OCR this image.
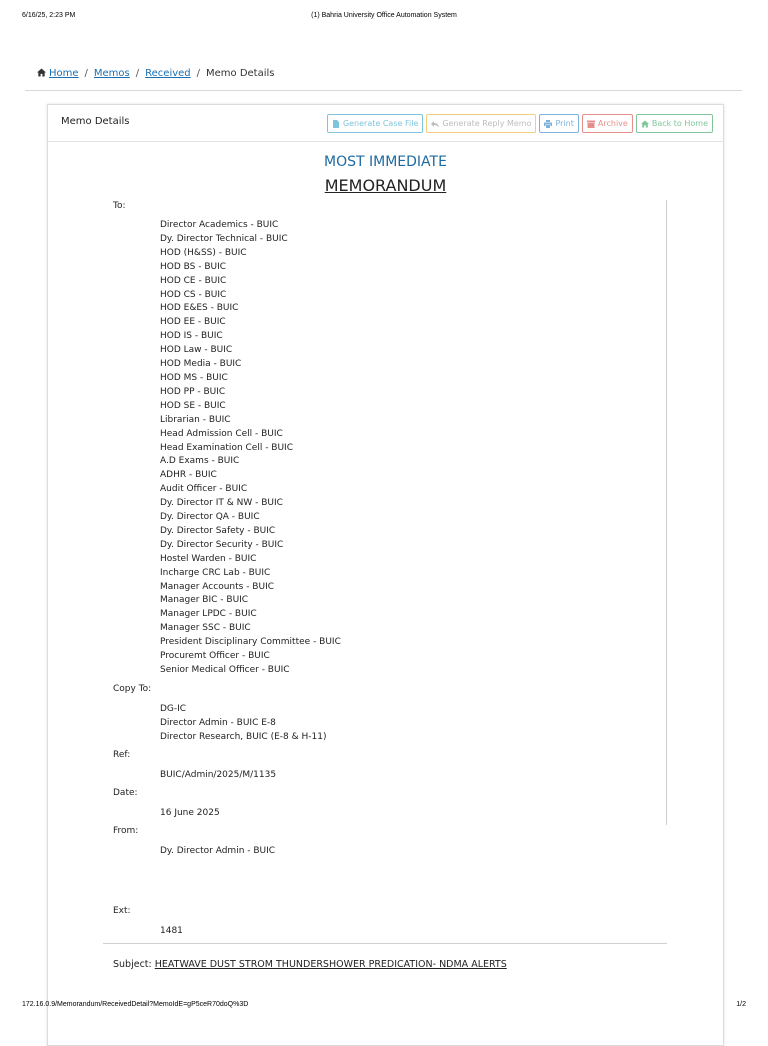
6/16/25, 2:23 PM	(1) Bahria University Office Automation System
Home / Memos / Received / Memo Details
Memo Details	Generate Case File	Generate Reply Memo	Print	Archive	Back to Home
MOST IMMEDIATE
MEMORANDUM
To:
Director Academics - BUIC
Dy. Director Technical - BUIC
HOD (H&SS) - BUIC
HOD BS - BUIC
HOD CE - BUIC
HOD CS - BUIC
HOD E&ES - BUIC
HOD EE - BUIC
HOD IS - BUIC
HOD Law - BUIC
HOD Media - BUIC
HOD MS - BUIC
HOD PP - BUIC
HOD SE - BUIC
Librarian - BUIC
Head Admission Cell - BUIC
Head Examination Cell - BUIC
A.D Exams - BUIC
ADHR - BUIC
Audit Officer - BUIC
Dy. Director IT & NW - BUIC
Dy. Director QA - BUIC
Dy. Director Safety - BUIC
Dy. Director Security - BUIC
Hostel Warden - BUIC
Incharge CRC Lab - BUIC
Manager Accounts - BUIC
Manager BIC - BUIC
Manager LPDC - BUIC
Manager SSC - BUIC
President Disciplinary Committee - BUIC
Procuremt Officer - BUIC
Senior Medical Officer - BUIC
Copy To:
DG-IC
Director Admin - BUIC E-8
Director Research, BUIC (E-8 & H-11)
Ref:
BUIC/Admin/2025/M/1135
Date:
16 June 2025
From:
Dy. Director Admin - BUIC
Ext:
1481
Subject: HEATWAVE DUST STROM THUNDERSHOWER PREDICATION- NDMA ALERTS
172.16.0.9/Memorandum/ReceivedDetail?MemoIdE=gP5ceR70doQ%3D	1/2
